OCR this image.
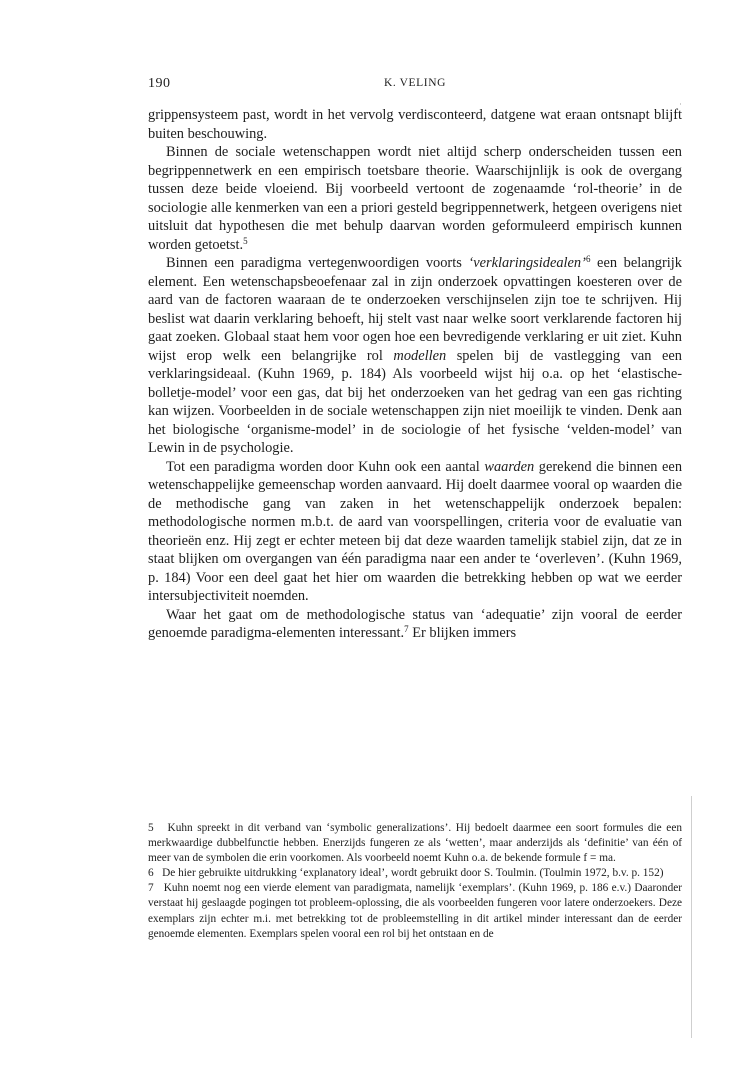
190	K. VELING

grippensysteem past, wordt in het vervolg verdisconteerd, datgene wat eraan ontsnapt blijft buiten beschouwing.

Binnen de sociale wetenschappen wordt niet altijd scherp onderscheiden tussen een begrippennetwerk en een empirisch toetsbare theorie. Waarschijnlijk is ook de overgang tussen deze beide vloeiend. Bij voorbeeld vertoont de zogenaamde ‘rol-theorie’ in de sociologie alle kenmerken van een a priori gesteld begrippennetwerk, hetgeen overigens niet uitsluit dat hypothesen die met behulp daarvan worden geformuleerd empirisch kunnen worden getoetst.$^5$

Binnen een paradigma vertegenwoordigen voorts ‘verklaringsidealen’$^6$ een belangrijk element. Een wetenschapsbeoefenaar zal in zijn onderzoek opvattingen koesteren over de aard van de factoren waaraan de te onderzoeken verschijnselen zijn toe te schrijven. Hij beslist wat daarin verklaring behoeft, hij stelt vast naar welke soort verklarende factoren hij gaat zoeken. Globaal staat hem voor ogen hoe een bevredigende verklaring er uit ziet. Kuhn wijst erop welk een belangrijke rol modellen spelen bij de vastlegging van een verklaringsideaal. (Kuhn 1969, p. 184) Als voorbeeld wijst hij o.a. op het ‘elastische-bolletje-model’ voor een gas, dat bij het onderzoeken van het gedrag van een gas richting kan wijzen. Voorbeelden in de sociale wetenschappen zijn niet moeilijk te vinden. Denk aan het biologische ‘organisme-model’ in de sociologie of het fysische ‘velden-model’ van Lewin in de psychologie.

Tot een paradigma worden door Kuhn ook een aantal waarden gerekend die binnen een wetenschappelijke gemeenschap worden aanvaard. Hij doelt daarmee vooral op waarden die de methodische gang van zaken in het wetenschappelijk onderzoek bepalen: methodologische normen m.b.t. de aard van voorspellingen, criteria voor de evaluatie van theorieën enz. Hij zegt er echter meteen bij dat deze waarden tamelijk stabiel zijn, dat ze in staat blijken om overgangen van één paradigma naar een ander te ‘overleven’. (Kuhn 1969, p. 184) Voor een deel gaat het hier om waarden die betrekking hebben op wat we eerder intersubjectiviteit noemden.

Waar het gaat om de methodologische status van ‘adequatie’ zijn vooral de eerder genoemde paradigma-elementen interessant.$^7$ Er blijken immers

5 Kuhn spreekt in dit verband van ‘symbolic generalizations’. Hij bedoelt daarmee een soort formules die een merkwaardige dubbelfunctie hebben. Enerzijds fungeren ze als ‘wetten’, maar anderzijds als ‘definitie’ van één of meer van de symbolen die erin voorkomen. Als voorbeeld noemt Kuhn o.a. de bekende formule f = ma.

6 De hier gebruikte uitdrukking ‘explanatory ideal’, wordt gebruikt door S. Toulmin. (Toulmin 1972, b.v. p. 152)

7 Kuhn noemt nog een vierde element van paradigmata, namelijk ‘exemplars’. (Kuhn 1969, p. 186 e.v.) Daaronder verstaat hij geslaagde pogingen tot probleem-oplossing, die als voorbeelden fungeren voor latere onderzoekers. Deze exemplars zijn echter m.i. met betrekking tot de probleemstelling in dit artikel minder interessant dan de eerder genoemde elementen. Exemplars spelen vooral een rol bij het ontstaan en de
